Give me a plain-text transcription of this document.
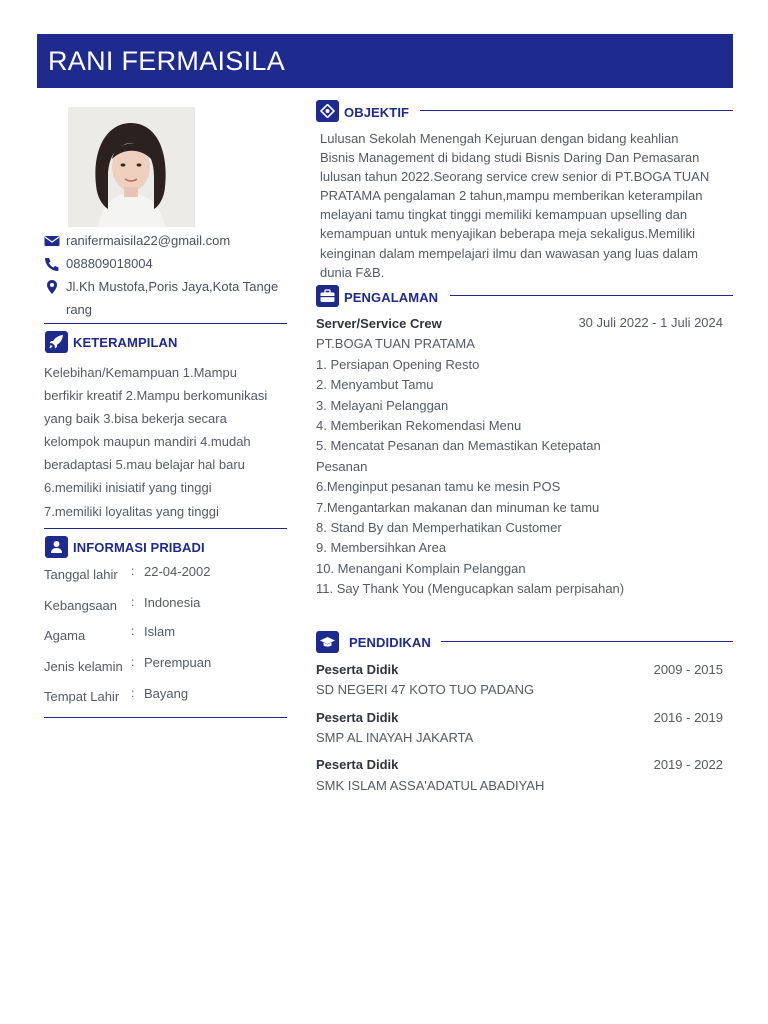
RANI FERMAISILA
ranifermaisila22@gmail.com
088809018004
Jl.Kh Mustofa,Poris Jaya,Kota Tange
rang
KETERAMPILAN
Kelebihan/Kemampuan 1.Mampu
berfikir kreatif 2.Mampu berkomunikasi
yang baik 3.bisa bekerja secara
kelompok maupun mandiri 4.mudah
beradaptasi 5.mau belajar hal baru
6.memiliki inisiatif yang tinggi
7.memiliki loyalitas yang tinggi
INFORMASI PRIBADI
Tanggal lahir : 22-04-2002
Kebangsaan : Indonesia
Agama	: Islam
Jenis kelamin : Perempuan
Tempat Lahir : Bayang
OBJEKTIF
Lulusan Sekolah Menengah Kejuruan dengan bidang keahlian
Bisnis Management di bidang studi Bisnis Daring Dan Pemasaran
lulusan tahun 2022.Seorang service crew senior di PT.BOGA TUAN
PRATAMA pengalaman 2 tahun,mampu memberikan keterampilan
melayani tamu tingkat tinggi memiliki kemampuan upselling dan
kemampuan untuk menyajikan beberapa meja sekaligus.Memiliki
keinginan dalam mempelajari ilmu dan wawasan yang luas dalam
dunia F&B.
PENGALAMAN
Server/Service Crew	30 Juli 2022 - 1 Juli 2024
PT.BOGA TUAN PRATAMA
1. Persiapan Opening Resto
2. Menyambut Tamu
3. Melayani Pelanggan
4. Memberikan Rekomendasi Menu
5. Mencatat Pesanan dan Memastikan Ketepatan
Pesanan
6.Menginput pesanan tamu ke mesin POS
7.Mengantarkan makanan dan minuman ke tamu
8. Stand By dan Memperhatikan Customer
9. Membersihkan Area
10. Menangani Komplain Pelanggan
11. Say Thank You (Mengucapkan salam perpisahan)
PENDIDIKAN
Peserta Didik	2009 - 2015
SD NEGERI 47 KOTO TUO PADANG
Peserta Didik	2016 - 2019
SMP AL INAYAH JAKARTA
Peserta Didik	2019 - 2022
SMK ISLAM ASSA'ADATUL ABADIYAH
